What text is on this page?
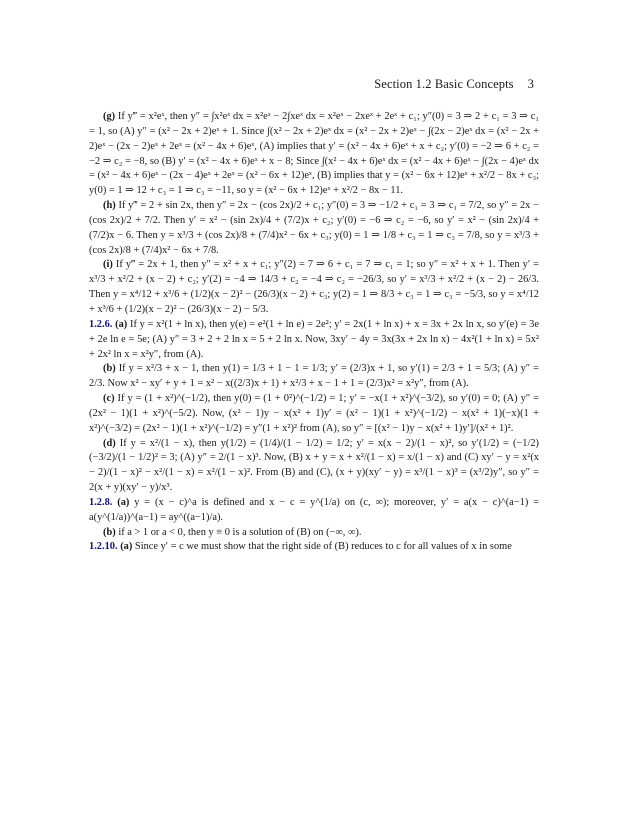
Section 1.2 Basic Concepts 3

(g) If y‴ = x²eˣ, then y″ = ∫x²eˣ dx = x²eˣ − 2∫xeˣ dx = x²eˣ − 2xeˣ + 2eˣ + c₁; y″(0) = 3 ⇒ 2 + c₁ = 3 ⇒ c₁ = 1, so (A) y″ = (x² − 2x + 2)eˣ + 1. Since ∫(x² − 2x + 2)eˣ dx = (x² − 2x + 2)eˣ − ∫(2x − 2)eˣ dx = (x² − 2x + 2)eˣ − (2x − 2)eˣ + 2eˣ = (x² − 4x + 6)eˣ, (A) implies that y′ = (x² − 4x + 6)eˣ + x + c₂; y′(0) = −2 ⇒ 6 + c₂ = −2 ⇒ c₂ = −8, so (B) y′ = (x² − 4x + 6)eˣ + x − 8; Since ∫(x² − 4x + 6)eˣ dx = (x² − 4x + 6)eˣ − ∫(2x − 4)eˣ dx = (x² − 4x + 6)eˣ − (2x − 4)eˣ + 2eˣ = (x² − 6x + 12)eˣ, (B) implies that y = (x² − 6x + 12)eˣ + x²/2 − 8x + c₃; y(0) = 1 ⇒ 12 + c₃ = 1 ⇒ c₃ = −11, so y = (x² − 6x + 12)eˣ + x²/2 − 8x − 11.

(h) If y‴ = 2 + sin 2x, then y″ = 2x − (cos 2x)/2 + c₁; y″(0) = 3 ⇒ −1/2 + c₁ = 3 ⇒ c₁ = 7/2, so y″ = 2x − (cos 2x)/2 + 7/2. Then y′ = x² − (sin 2x)/4 + (7/2)x + c₂; y′(0) = −6 ⇒ c₂ = −6, so y′ = x² − (sin 2x)/4 + (7/2)x − 6. Then y = x³/3 + (cos 2x)/8 + (7/4)x² − 6x + c₃; y(0) = 1 ⇒ 1/8 + c₃ = 1 ⇒ c₃ = 7/8, so y = x³/3 + (cos 2x)/8 + (7/4)x² − 6x + 7/8.

(i) If y‴ = 2x + 1, then y″ = x² + x + c₁; y″(2) = 7 ⇒ 6 + c₁ = 7 ⇒ c₁ = 1; so y″ = x² + x + 1. Then y′ = x³/3 + x²/2 + (x − 2) + c₂; y′(2) = −4 ⇒ 14/3 + c₂ = −4 ⇒ c₂ = −26/3, so y′ = x³/3 + x²/2 + (x − 2) − 26/3. Then y = x⁴/12 + x³/6 + (1/2)(x − 2)² − (26/3)(x − 2) + c₃; y(2) = 1 ⇒ 8/3 + c₃ = 1 ⇒ c₃ = −5/3, so y = x⁴/12 + x³/6 + (1/2)(x − 2)² − (26/3)(x − 2) − 5/3.

1.2.6. (a) If y = x²(1 + ln x), then y(e) = e²(1 + ln e) = 2e²; y′ = 2x(1 + ln x) + x = 3x + 2x ln x, so y′(e) = 3e + 2e ln e = 5e; (A) y″ = 3 + 2 + 2 ln x = 5 + 2 ln x. Now, 3xy′ − 4y = 3x(3x + 2x ln x) − 4x²(1 + ln x) = 5x² + 2x² ln x = x²y″, from (A).

(b) If y = x²/3 + x − 1, then y(1) = 1/3 + 1 − 1 = 1/3; y′ = (2/3)x + 1, so y′(1) = 2/3 + 1 = 5/3; (A) y″ = 2/3. Now x² − xy′ + y + 1 = x² − x((2/3)x + 1) + x²/3 + x − 1 + 1 = (2/3)x² = x²y″, from (A).

(c) If y = (1 + x²)^(−1/2), then y(0) = (1 + 0²)^(−1/2) = 1; y′ = −x(1 + x²)^(−3/2), so y′(0) = 0; (A) y″ = (2x² − 1)(1 + x²)^(−5/2). Now, (x² − 1)y − x(x² + 1)y′ = (x² − 1)(1 + x²)^(−1/2) − x(x² + 1)(−x)(1 + x²)^(−3/2) = (2x² − 1)(1 + x²)^(−1/2) = y″(1 + x²)² from (A), so y″ = [(x² − 1)y − x(x² + 1)y′]/(x² + 1)².

(d) If y = x²/(1 − x), then y(1/2) = (1/4)/(1 − 1/2) = 1/2; y′ = x(x − 2)/(1 − x)², so y′(1/2) = (−1/2)(−3/2)/(1 − 1/2)² = 3; (A) y″ = 2/(1 − x)³. Now, (B) x + y = x + x²/(1 − x) = x/(1 − x) and (C) xy′ − y = x²(x − 2)/(1 − x)² − x²/(1 − x) = x²/(1 − x)². From (B) and (C), (x + y)(xy′ − y) = x³/(1 − x)³ = (x³/2)y″, so y″ = 2(x + y)(xy′ − y)/x³.

1.2.8. (a) y = (x − c)^a is defined and x − c = y^(1/a) on (c, ∞); moreover, y′ = a(x − c)^(a−1) = a(y^(1/a))^(a−1) = ay^((a−1)/a).

(b) if a > 1 or a < 0, then y ≡ 0 is a solution of (B) on (−∞, ∞).

1.2.10. (a) Since y′ = c we must show that the right side of (B) reduces to c for all values of x in some
